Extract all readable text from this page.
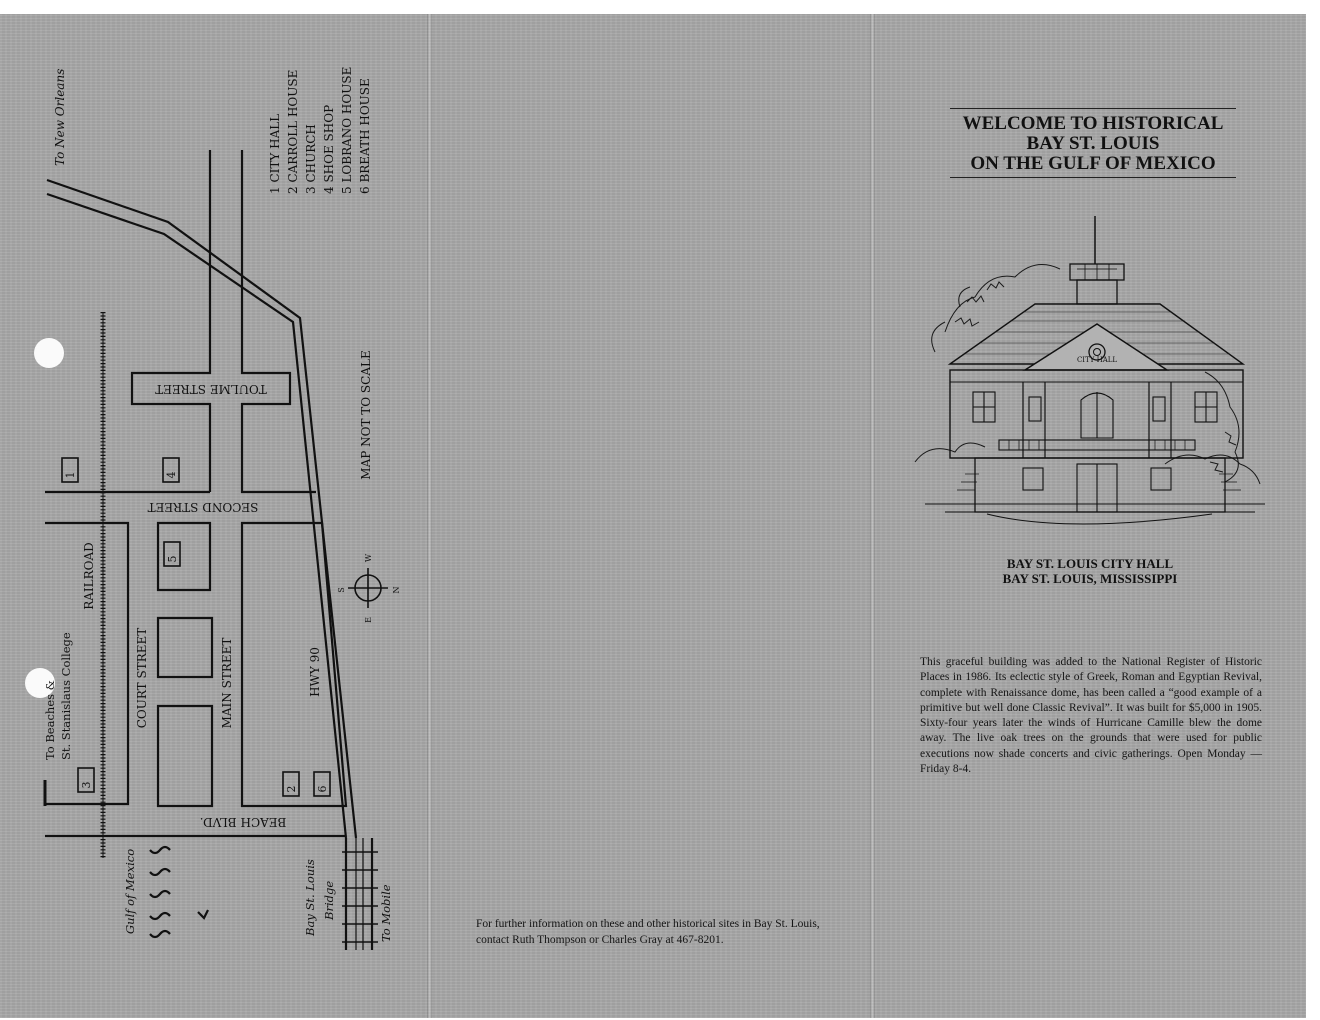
1	4
5
3
2 6
S
W
E
N
To New Orleans	1 CITY HALL 2 CARROLL HOUSE 3 CHURCH 4 SHOE SHOP 5 LOBRANO HOUSE 6 BREATH HOUSE
TOULME STREET
SECOND STREET
BEACH BLVD.
MAP NOT TO SCALE
RAILROAD
COURT STREET	MAIN STREET	HWY 90
To Beaches & St. Stanislaus College
Gulf of Mexico	Bay St. Louis Bridge	To Mobile	For further information on these and other historical sites in Bay St. Louis, contact Ruth Thompson or Charles Gray at 467-8201.
WELCOME TO HISTORICAL
BAY ST. LOUIS
ON THE GULF OF MEXICO
CITY HALL
BAY ST. LOUIS CITY HALL
BAY ST. LOUIS, MISSISSIPPI
This graceful building was added to the National Register of Historic Places in 1986. Its eclectic style of Greek, Roman and Egyptian Revival, complete with Renaissance dome, has been called a “good example of a primitive but well done Classic Revival”. It was built for $5,000 in 1905. Sixty-four years later the winds of Hurricane Camille blew the dome away. The live oak trees on the grounds that were used for public executions now shade concerts and civic gatherings. Open Monday — Friday 8-4.
